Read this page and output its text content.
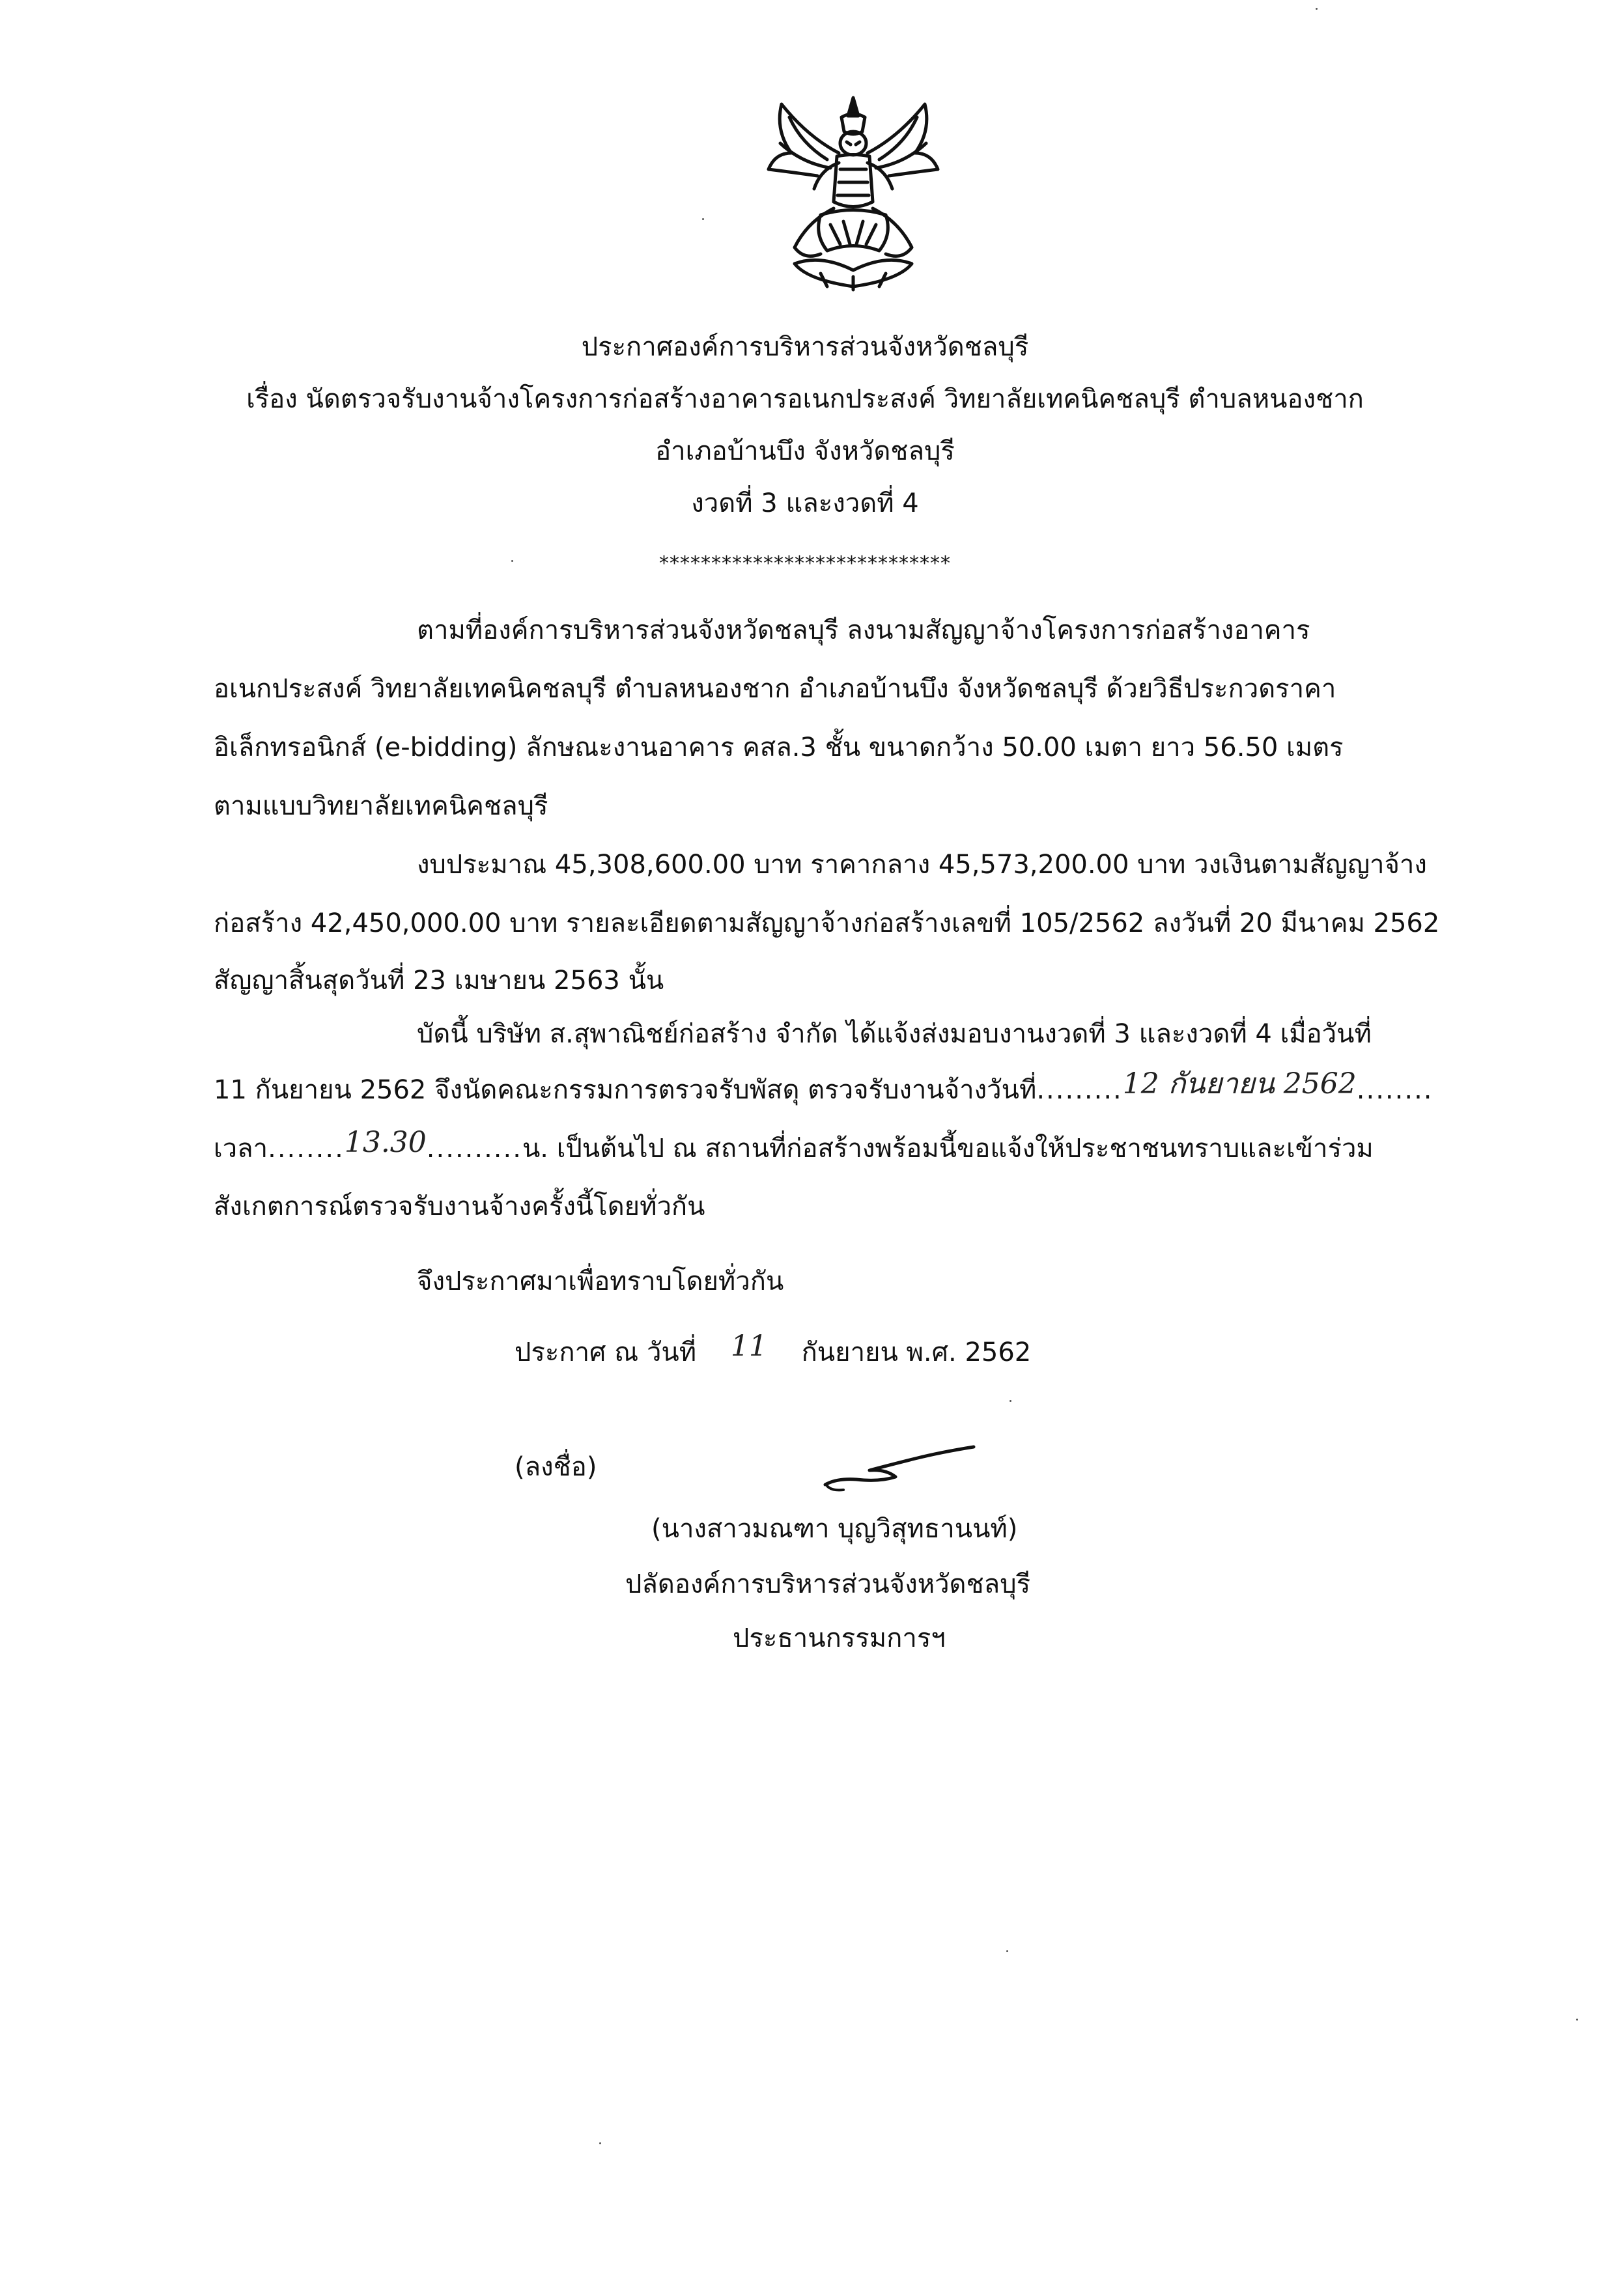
ประกาศองค์การบริหารส่วนจังหวัดชลบุรี
เรื่อง นัดตรวจรับงานจ้างโครงการก่อสร้างอาคารอเนกประสงค์ วิทยาลัยเทคนิคชลบุรี ตำบลหนองชาก
อำเภอบ้านบึง จังหวัดชลบุรี
งวดที่ 3 และงวดที่ 4
****************************
ตามที่องค์การบริหารส่วนจังหวัดชลบุรี ลงนามสัญญาจ้างโครงการก่อสร้างอาคาร
อเนกประสงค์ วิทยาลัยเทคนิคชลบุรี ตำบลหนองชาก อำเภอบ้านบึง จังหวัดชลบุรี ด้วยวิธีประกวดราคา
อิเล็กทรอนิกส์ (e-bidding) ลักษณะงานอาคาร คสล.3 ชั้น ขนาดกว้าง 50.00 เมตา ยาว 56.50 เมตร
ตามแบบวิทยาลัยเทคนิคชลบุรี
งบประมาณ 45,308,600.00 บาท ราคากลาง 45,573,200.00 บาท วงเงินตามสัญญาจ้าง
ก่อสร้าง 42,450,000.00 บาท รายละเอียดตามสัญญาจ้างก่อสร้างเลขที่ 105/2562 ลงวันที่ 20 มีนาคม 2562
สัญญาสิ้นสุดวันที่ 23 เมษายน 2563 นั้น
บัดนี้ บริษัท ส.สุพาณิชย์ก่อสร้าง จำกัด ได้แจ้งส่งมอบงานงวดที่ 3 และงวดที่ 4 เมื่อวันที่
11 กันยายน 2562 จึงนัดคณะกรรมการตรวจรับพัสดุ ตรวจรับงานจ้างวันที่.........12 กันยายน 2562........
เวลา........13.30..........น. เป็นต้นไป ณ สถานที่ก่อสร้างพร้อมนี้ขอแจ้งให้ประชาชนทราบและเข้าร่วม
สังเกตการณ์ตรวจรับงานจ้างครั้งนี้โดยทั่วกัน
จึงประกาศมาเพื่อทราบโดยทั่วกัน
ประกาศ ณ วันที่ 11 กันยายน พ.ศ. 2562
(ลงชื่อ)
(นางสาวมณฑา บุญวิสุทธานนท์)
ปลัดองค์การบริหารส่วนจังหวัดชลบุรี
ประธานกรรมการฯ
